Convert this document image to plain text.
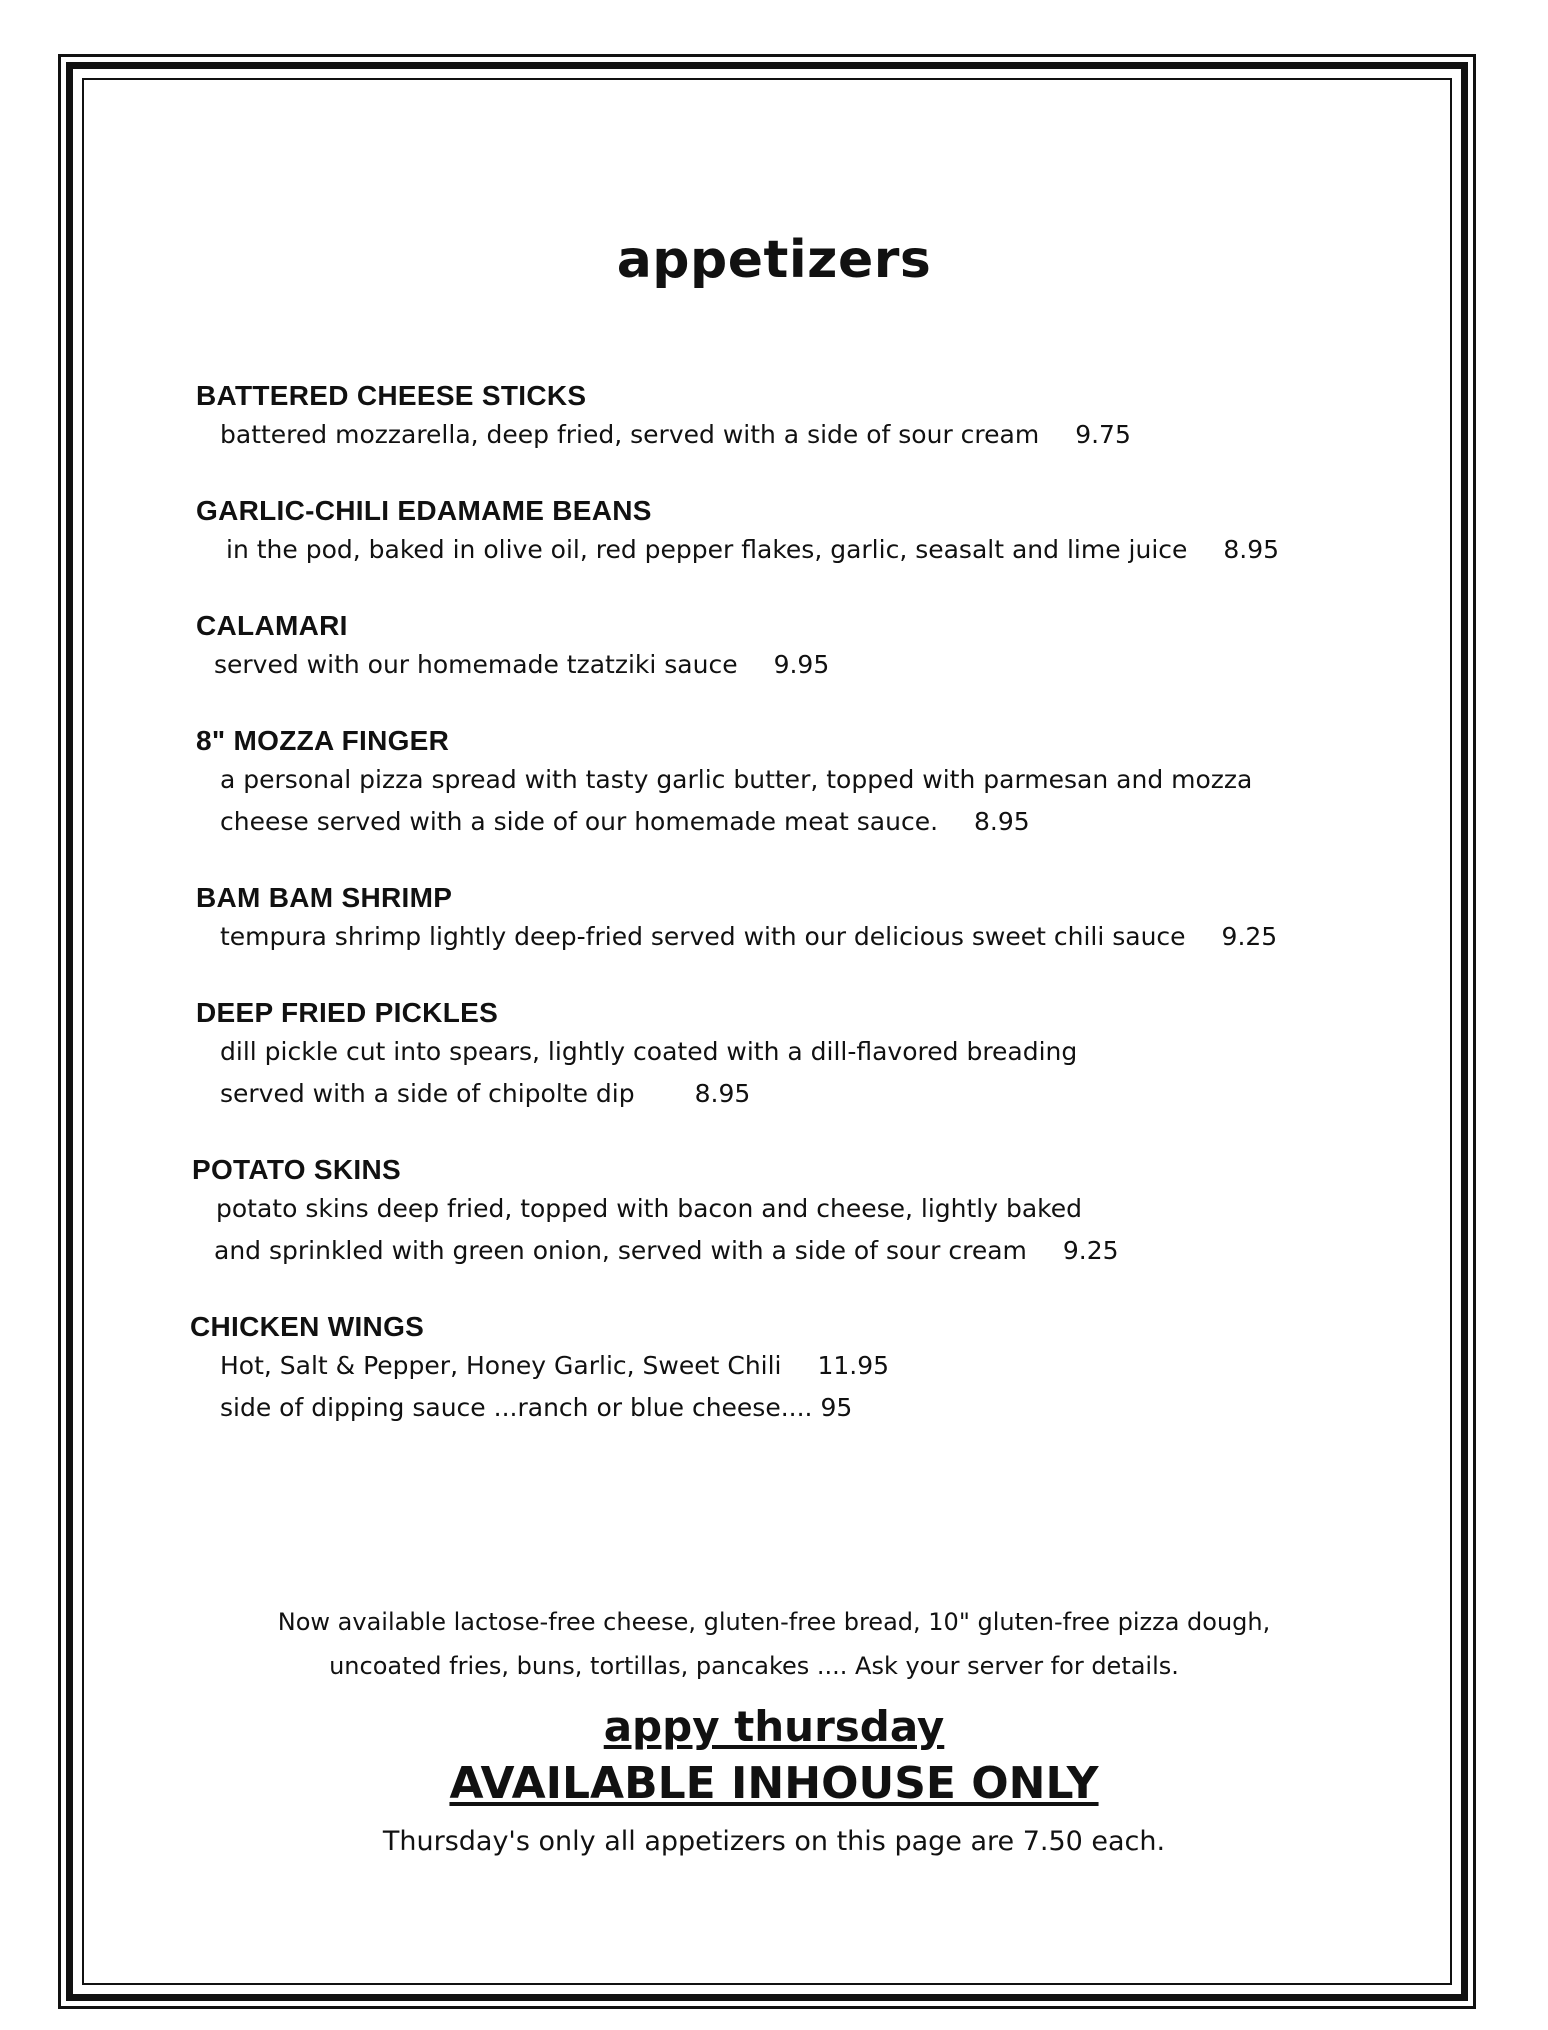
appetizers
BATTERED CHEESE STICKS
battered mozzarella, deep fried, served with a side of sour cream 9.75
GARLIC-CHILI EDAMAME BEANS
in the pod, baked in olive oil, red pepper flakes, garlic, seasalt and lime juice 8.95
CALAMARI
served with our homemade tzatziki sauce 9.95
8" MOZZA FINGER
a personal pizza spread with tasty garlic butter, topped with parmesan and mozza
cheese served with a side of our homemade meat sauce. 8.95
BAM BAM SHRIMP
tempura shrimp lightly deep-fried served with our delicious sweet chili sauce 9.25
DEEP FRIED PICKLES
dill pickle cut into spears, lightly coated with a dill-flavored breading
served with a side of chipolte dip 8.95
POTATO SKINS
potato skins deep fried, topped with bacon and cheese, lightly baked
and sprinkled with green onion, served with a side of sour cream 9.25
CHICKEN WINGS
Hot, Salt & Pepper, Honey Garlic, Sweet Chili 11.95
side of dipping sauce ...ranch or blue cheese.... 95
Now available lactose-free cheese, gluten-free bread, 10" gluten-free pizza dough,
uncoated fries, buns, tortillas, pancakes .... Ask your server for details.
appy thursday
AVAILABLE INHOUSE ONLY
Thursday's only all appetizers on this page are 7.50 each.
